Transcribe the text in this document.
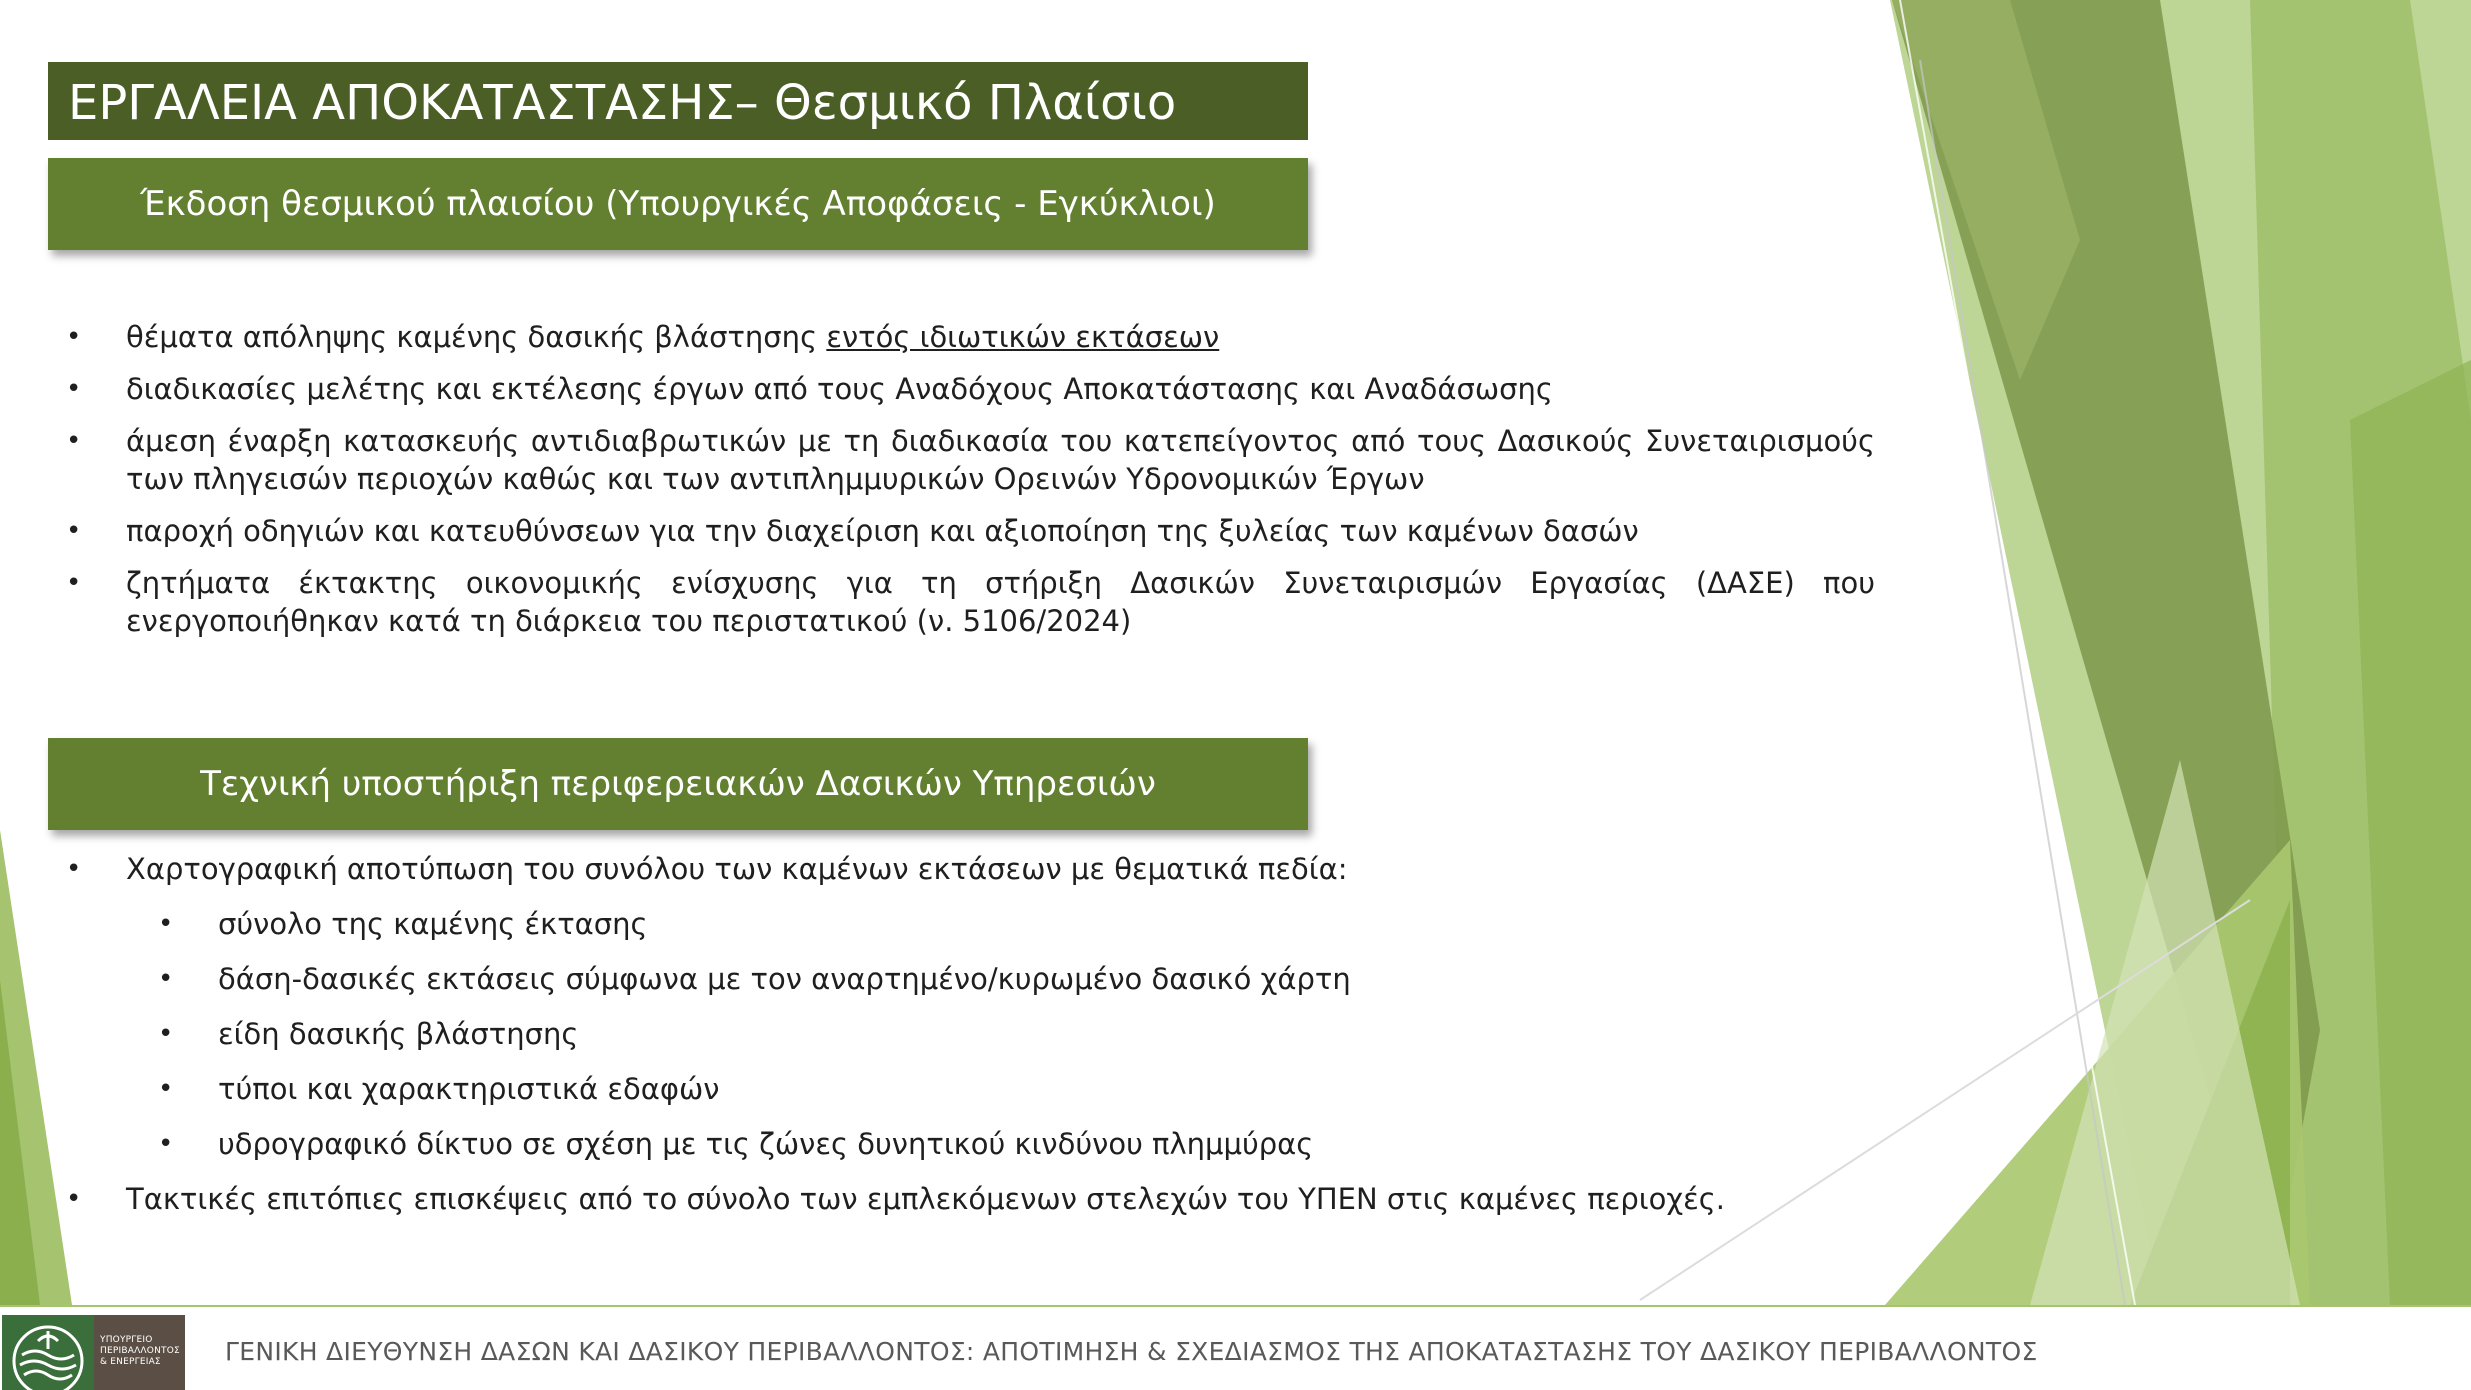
ΕΡΓΑΛΕΙΑ ΑΠΟΚΑΤΑΣΤΑΣΗΣ– Θεσμικό Πλαίσιο
Έκδοση θεσμικού πλαισίου (Υπουργικές Αποφάσεις - Εγκύκλιοι)
• θέματα απόληψης καμένης δασικής βλάστησης εντός ιδιωτικών εκτάσεων
• διαδικασίες μελέτης και εκτέλεσης έργων από τους Αναδόχους Αποκατάστασης και Αναδάσωσης
• άμεση έναρξη κατασκευής αντιδιαβρωτικών με τη διαδικασία του κατεπείγοντος από τους Δασικούς Συνεταιρισμούς των πληγεισών περιοχών καθώς και των αντιπλημμυρικών Ορεινών Υδρονομικών Έργων
• παροχή οδηγιών και κατευθύνσεων για την διαχείριση και αξιοποίηση της ξυλείας των καμένων δασών
• ζητήματα έκτακτης οικονομικής ενίσχυσης για τη στήριξη Δασικών Συνεταιρισμών Εργασίας (ΔΑΣΕ) που ενεργοποιήθηκαν κατά τη διάρκεια του περιστατικού (ν. 5106/2024)
Τεχνική υποστήριξη περιφερειακών Δασικών Υπηρεσιών
• Χαρτογραφική αποτύπωση του συνόλου των καμένων εκτάσεων με θεματικά πεδία:
• σύνολο της καμένης έκτασης
• δάση-δασικές εκτάσεις σύμφωνα με τον αναρτημένο/κυρωμένο δασικό χάρτη
• είδη δασικής βλάστησης
• τύποι και χαρακτηριστικά εδαφών
• υδρογραφικό δίκτυο σε σχέση με τις ζώνες δυνητικού κινδύνου πλημμύρας
• Τακτικές επιτόπιες επισκέψεις από το σύνολο των εμπλεκόμενων στελεχών του ΥΠΕΝ στις καμένες περιοχές.
ΥΠΟΥΡΓΕΙΟ
ΠΕΡΙΒΑΛΛΟΝΤΟΣ
& ΕΝΕΡΓΕΙΑΣ	ΓΕΝΙΚΗ ΔΙΕΥΘΥΝΣΗ ΔΑΣΩΝ ΚΑΙ ΔΑΣΙΚΟΥ ΠΕΡΙΒΑΛΛΟΝΤΟΣ: ΑΠΟΤΙΜΗΣΗ & ΣΧΕΔΙΑΣΜΟΣ ΤΗΣ ΑΠΟΚΑΤΑΣΤΑΣΗΣ ΤΟΥ ΔΑΣΙΚΟΥ ΠΕΡΙΒΑΛΛΟΝΤΟΣ
